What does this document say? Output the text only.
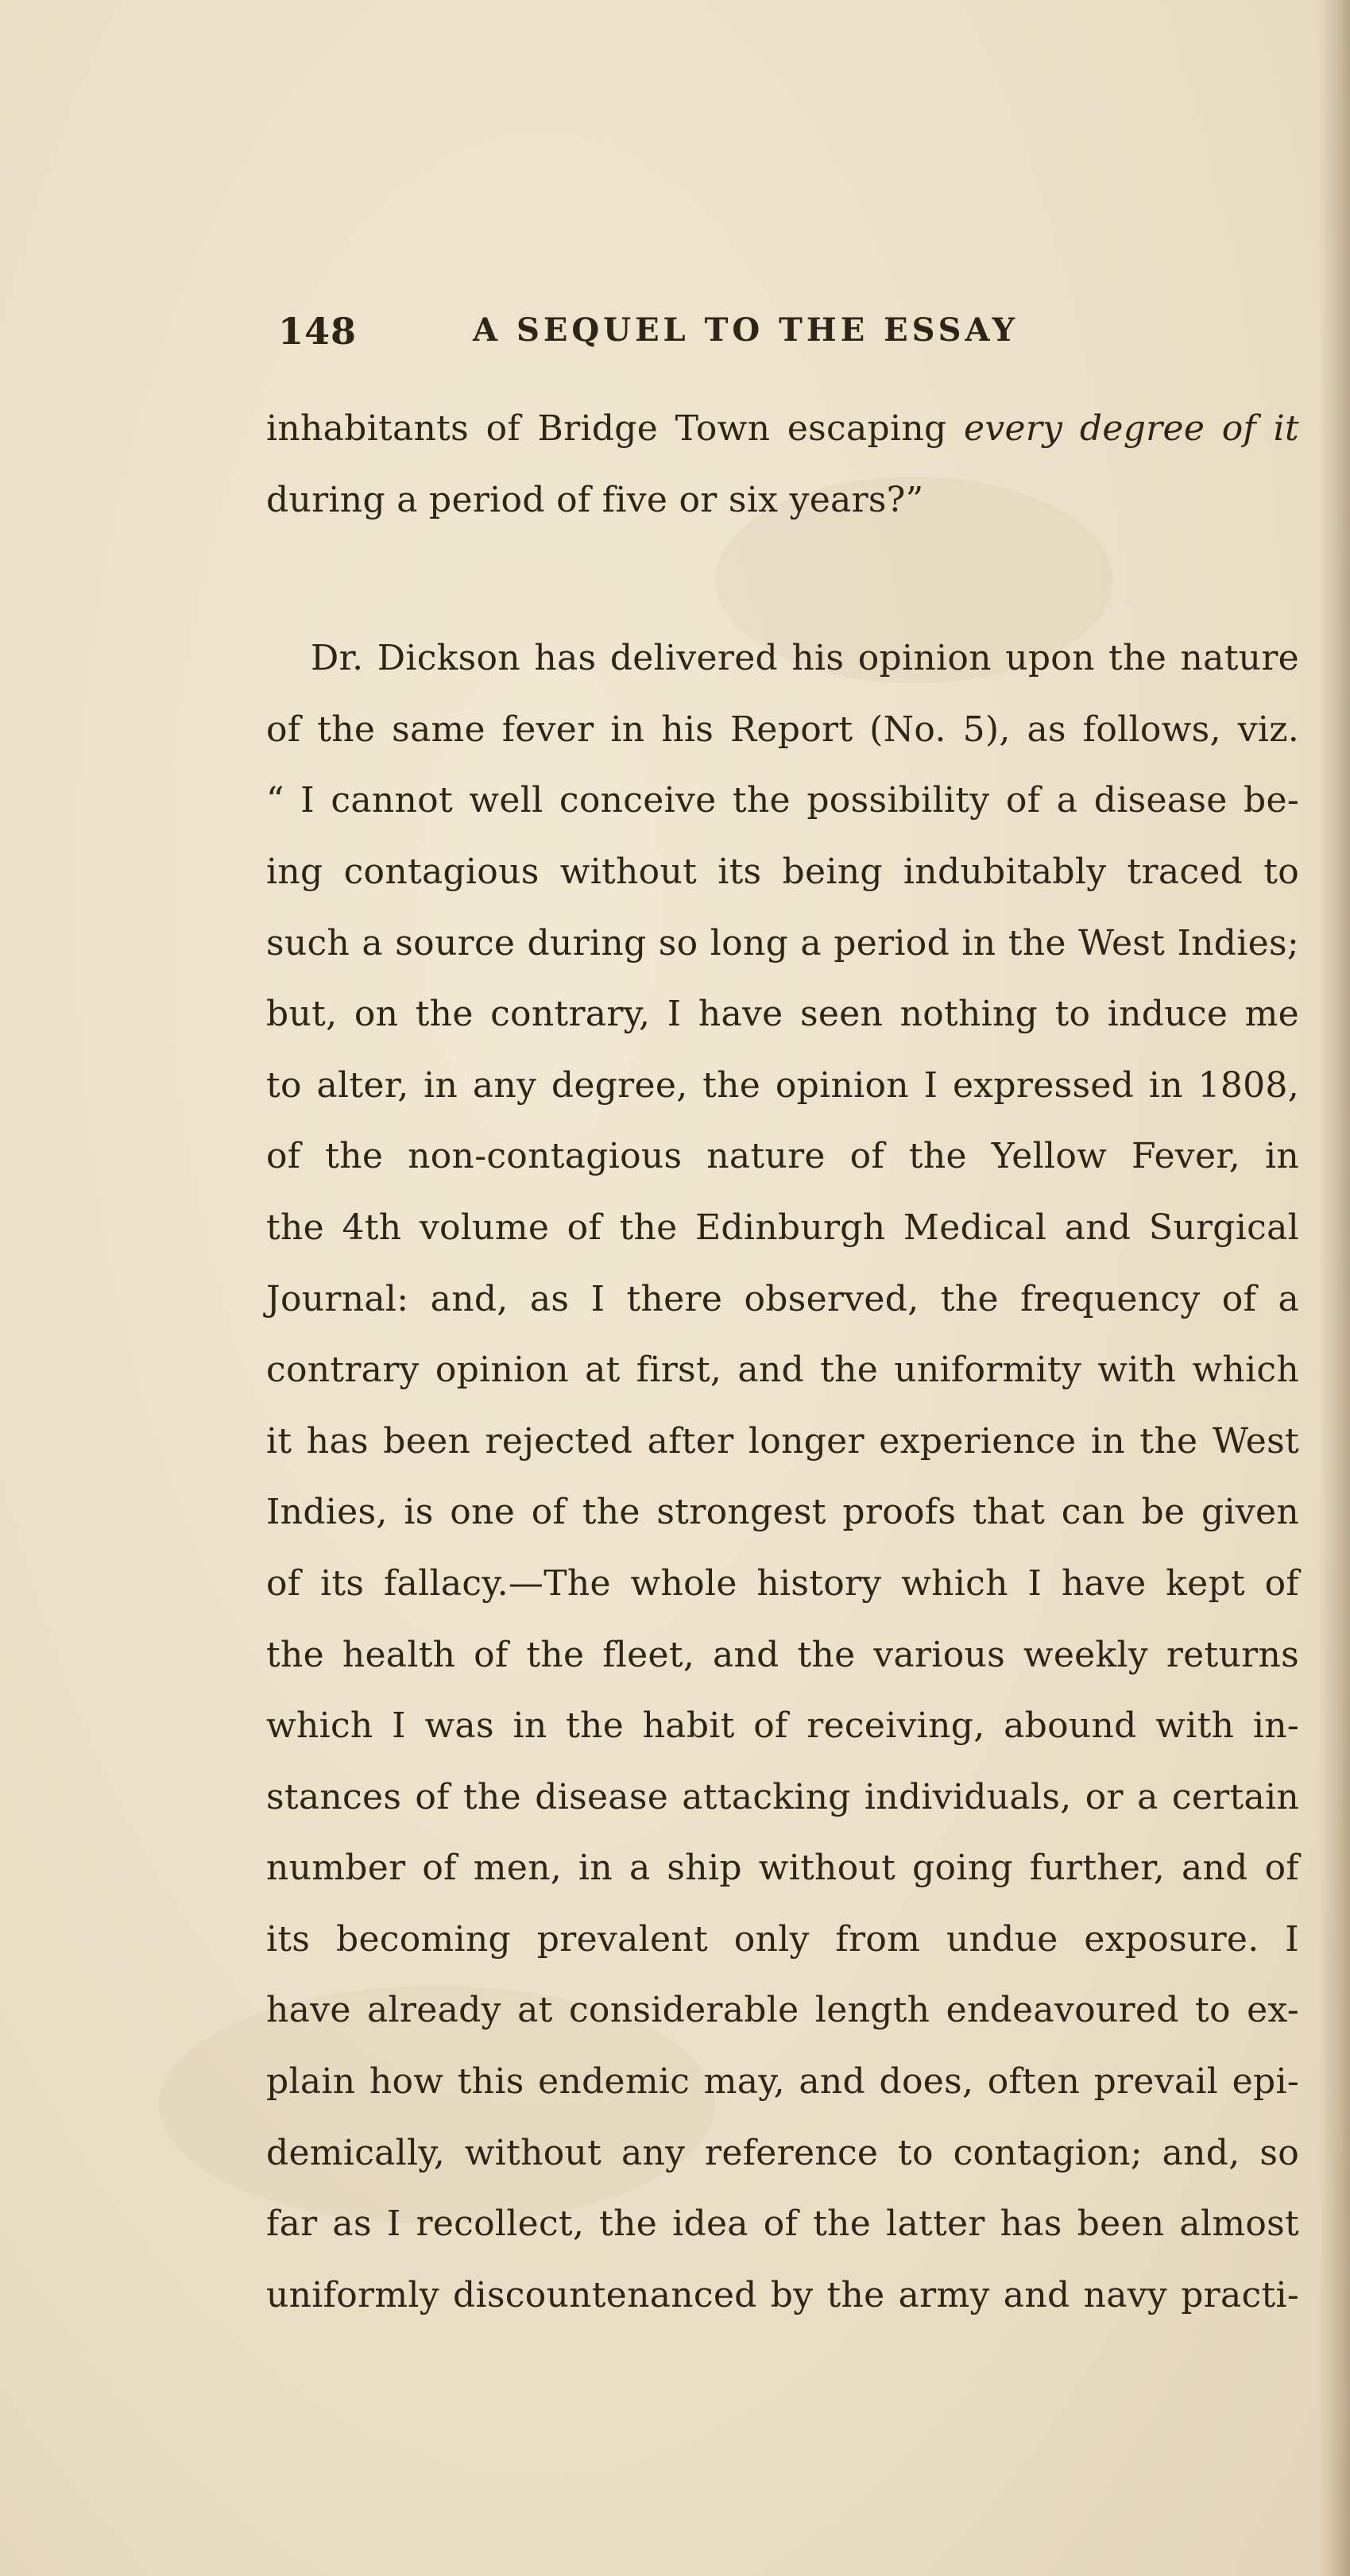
148	A SEQUEL TO THE ESSAY
inhabitants of Bridge Town escaping every degree of it
during a period of five or six years?”
Dr. Dickson has delivered his opinion upon the nature
of the same fever in his Report (No. 5), as follows, viz.
“ I cannot well conceive the possibility of a disease be-
ing contagious without its being indubitably traced to
such a source during so long a period in the West Indies;
but, on the contrary, I have seen nothing to induce me
to alter, in any degree, the opinion I expressed in 1808,
of the non-contagious nature of the Yellow Fever, in
the 4th volume of the Edinburgh Medical and Surgical
Journal: and, as I there observed, the frequency of a
contrary opinion at first, and the uniformity with which
it has been rejected after longer experience in the West
Indies, is one of the strongest proofs that can be given
of its fallacy.—The whole history which I have kept of
the health of the fleet, and the various weekly returns
which I was in the habit of receiving, abound with in-
stances of the disease attacking individuals, or a certain
number of men, in a ship without going further, and of
its becoming prevalent only from undue exposure. I
have already at considerable length endeavoured to ex-
plain how this endemic may, and does, often prevail epi-
demically, without any reference to contagion; and, so
far as I recollect, the idea of the latter has been almost
uniformly discountenanced by the army and navy practi-
